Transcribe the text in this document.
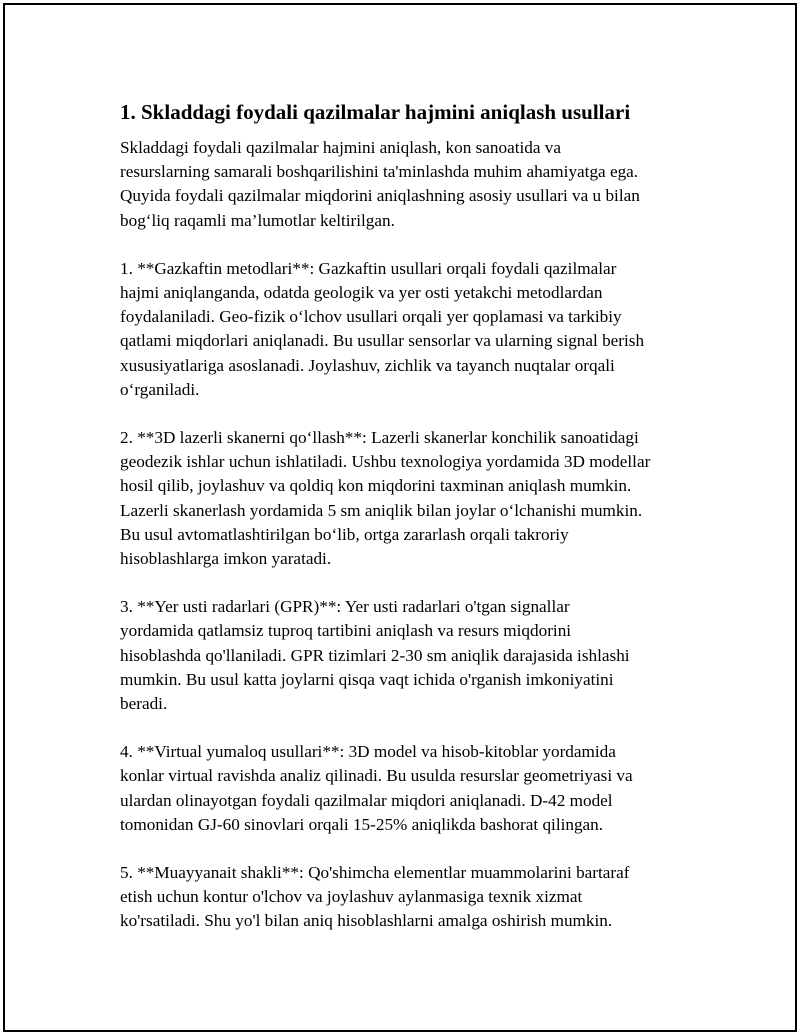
1. Skladdagi foydali qazilmalar hajmini aniqlash usullari

Skladdagi foydali qazilmalar hajmini aniqlash, kon sanoatida va
resurslarning samarali boshqarilishini ta'minlashda muhim ahamiyatga ega.
Quyida foydali qazilmalar miqdorini aniqlashning asosiy usullari va u bilan
bog‘liq raqamli ma’lumotlar keltirilgan.

1. **Gazkaftin metodlari**: Gazkaftin usullari orqali foydali qazilmalar
hajmi aniqlanganda, odatda geologik va yer osti yetakchi metodlardan
foydalaniladi. Geo-fizik o‘lchov usullari orqali yer qoplamasi va tarkibiy
qatlami miqdorlari aniqlanadi. Bu usullar sensorlar va ularning signal berish
xususiyatlariga asoslanadi. Joylashuv, zichlik va tayanch nuqtalar orqali
o‘rganiladi.

2. **3D lazerli skanerni qo‘llash**: Lazerli skanerlar konchilik sanoatidagi
geodezik ishlar uchun ishlatiladi. Ushbu texnologiya yordamida 3D modellar
hosil qilib, joylashuv va qoldiq kon miqdorini taxminan aniqlash mumkin.
Lazerli skanerlash yordamida 5 sm aniqlik bilan joylar o‘lchanishi mumkin.
Bu usul avtomatlashtirilgan bo‘lib, ortga zararlash orqali takroriy
hisoblashlarga imkon yaratadi.

3. **Yer usti radarlari (GPR)**: Yer usti radarlari o'tgan signallar
yordamida qatlamsiz tuproq tartibini aniqlash va resurs miqdorini
hisoblashda qo'llaniladi. GPR tizimlari 2-30 sm aniqlik darajasida ishlashi
mumkin. Bu usul katta joylarni qisqa vaqt ichida o'rganish imkoniyatini
beradi.

4. **Virtual yumaloq usullari**: 3D model va hisob-kitoblar yordamida
konlar virtual ravishda analiz qilinadi. Bu usulda resurslar geometriyasi va
ulardan olinayotgan foydali qazilmalar miqdori aniqlanadi. D-42 model
tomonidan GJ-60 sinovlari orqali 15-25% aniqlikda bashorat qilingan.

5. **Muayyanait shakli**: Qo'shimcha elementlar muammolarini bartaraf
etish uchun kontur o'lchov va joylashuv aylanmasiga texnik xizmat
ko'rsatiladi. Shu yo'l bilan aniq hisoblashlarni amalga oshirish mumkin.
